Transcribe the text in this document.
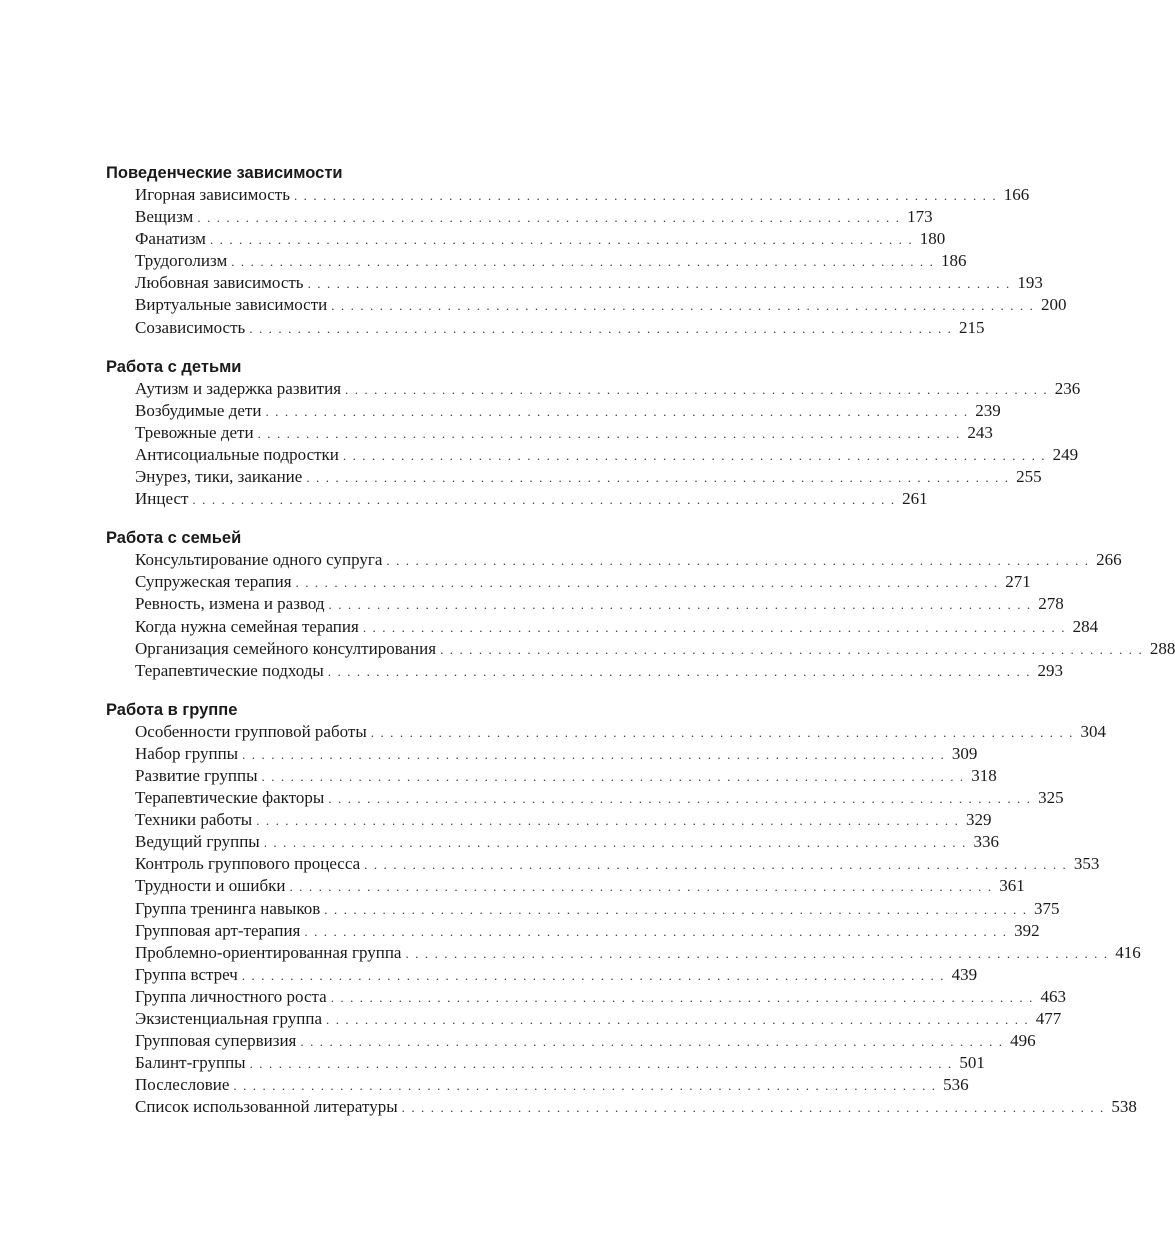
Поведенческие зависимости
Игорная зависимость . . . . . . . . . . . . . . . . . . . . . . . . . . . . . . . . . . . . . . . . . . . . . . . . . . . . . . . . . . . . . . . . . . . . . . . . . 166
Вещизм . . . . . . . . . . . . . . . . . . . . . . . . . . . . . . . . . . . . . . . . . . . . . . . . . . . . . . . . . . . . . . . . . . . . . . . . . 173
Фанатизм . . . . . . . . . . . . . . . . . . . . . . . . . . . . . . . . . . . . . . . . . . . . . . . . . . . . . . . . . . . . . . . . . . . . . . . . . 180
Трудоголизм . . . . . . . . . . . . . . . . . . . . . . . . . . . . . . . . . . . . . . . . . . . . . . . . . . . . . . . . . . . . . . . . . . . . . . . . . 186
Любовная зависимость . . . . . . . . . . . . . . . . . . . . . . . . . . . . . . . . . . . . . . . . . . . . . . . . . . . . . . . . . . . . . . . . . . . . . . . . . 193
Виртуальные зависимости . . . . . . . . . . . . . . . . . . . . . . . . . . . . . . . . . . . . . . . . . . . . . . . . . . . . . . . . . . . . . . . . . . . . . . . . . 200
Созависимость . . . . . . . . . . . . . . . . . . . . . . . . . . . . . . . . . . . . . . . . . . . . . . . . . . . . . . . . . . . . . . . . . . . . . . . . . 215
Работа с детьми
Аутизм и задержка развития . . . . . . . . . . . . . . . . . . . . . . . . . . . . . . . . . . . . . . . . . . . . . . . . . . . . . . . . . . . . . . . . . . . . . . . . . 236
Возбудимые дети . . . . . . . . . . . . . . . . . . . . . . . . . . . . . . . . . . . . . . . . . . . . . . . . . . . . . . . . . . . . . . . . . . . . . . . . . 239
Тревожные дети . . . . . . . . . . . . . . . . . . . . . . . . . . . . . . . . . . . . . . . . . . . . . . . . . . . . . . . . . . . . . . . . . . . . . . . . . 243
Антисоциальные подростки . . . . . . . . . . . . . . . . . . . . . . . . . . . . . . . . . . . . . . . . . . . . . . . . . . . . . . . . . . . . . . . . . . . . . . . . . 249
Энурез, тики, заикание . . . . . . . . . . . . . . . . . . . . . . . . . . . . . . . . . . . . . . . . . . . . . . . . . . . . . . . . . . . . . . . . . . . . . . . . . 255
Инцест . . . . . . . . . . . . . . . . . . . . . . . . . . . . . . . . . . . . . . . . . . . . . . . . . . . . . . . . . . . . . . . . . . . . . . . . . 261
Работа с семьей
Консультирование одного супруга . . . . . . . . . . . . . . . . . . . . . . . . . . . . . . . . . . . . . . . . . . . . . . . . . . . . . . . . . . . . . . . . . . . . . . . . . 266
Супружеская терапия . . . . . . . . . . . . . . . . . . . . . . . . . . . . . . . . . . . . . . . . . . . . . . . . . . . . . . . . . . . . . . . . . . . . . . . . . 271
Ревность, измена и развод . . . . . . . . . . . . . . . . . . . . . . . . . . . . . . . . . . . . . . . . . . . . . . . . . . . . . . . . . . . . . . . . . . . . . . . . . 278
Когда нужна семейная терапия . . . . . . . . . . . . . . . . . . . . . . . . . . . . . . . . . . . . . . . . . . . . . . . . . . . . . . . . . . . . . . . . . . . . . . . . . 284
Организация семейного консултирования . . . . . . . . . . . . . . . . . . . . . . . . . . . . . . . . . . . . . . . . . . . . . . . . . . . . . . . . . . . . . . . . . . . . . . . . . 288
Терапевтические подходы . . . . . . . . . . . . . . . . . . . . . . . . . . . . . . . . . . . . . . . . . . . . . . . . . . . . . . . . . . . . . . . . . . . . . . . . . 293
Работа в группе
Особенности групповой работы . . . . . . . . . . . . . . . . . . . . . . . . . . . . . . . . . . . . . . . . . . . . . . . . . . . . . . . . . . . . . . . . . . . . . . . . . 304
Набор группы . . . . . . . . . . . . . . . . . . . . . . . . . . . . . . . . . . . . . . . . . . . . . . . . . . . . . . . . . . . . . . . . . . . . . . . . . 309
Развитие группы . . . . . . . . . . . . . . . . . . . . . . . . . . . . . . . . . . . . . . . . . . . . . . . . . . . . . . . . . . . . . . . . . . . . . . . . . 318
Терапевтические факторы . . . . . . . . . . . . . . . . . . . . . . . . . . . . . . . . . . . . . . . . . . . . . . . . . . . . . . . . . . . . . . . . . . . . . . . . . 325
Техники работы . . . . . . . . . . . . . . . . . . . . . . . . . . . . . . . . . . . . . . . . . . . . . . . . . . . . . . . . . . . . . . . . . . . . . . . . . 329
Ведущий группы . . . . . . . . . . . . . . . . . . . . . . . . . . . . . . . . . . . . . . . . . . . . . . . . . . . . . . . . . . . . . . . . . . . . . . . . . 336
Контроль группового процесса . . . . . . . . . . . . . . . . . . . . . . . . . . . . . . . . . . . . . . . . . . . . . . . . . . . . . . . . . . . . . . . . . . . . . . . . . 353
Трудности и ошибки . . . . . . . . . . . . . . . . . . . . . . . . . . . . . . . . . . . . . . . . . . . . . . . . . . . . . . . . . . . . . . . . . . . . . . . . . 361
Группа тренинга навыков . . . . . . . . . . . . . . . . . . . . . . . . . . . . . . . . . . . . . . . . . . . . . . . . . . . . . . . . . . . . . . . . . . . . . . . . . 375
Групповая арт-терапия . . . . . . . . . . . . . . . . . . . . . . . . . . . . . . . . . . . . . . . . . . . . . . . . . . . . . . . . . . . . . . . . . . . . . . . . . 392
Проблемно-ориентированная группа . . . . . . . . . . . . . . . . . . . . . . . . . . . . . . . . . . . . . . . . . . . . . . . . . . . . . . . . . . . . . . . . . . . . . . . . . 416
Группа встреч . . . . . . . . . . . . . . . . . . . . . . . . . . . . . . . . . . . . . . . . . . . . . . . . . . . . . . . . . . . . . . . . . . . . . . . . . 439
Группа личностного роста . . . . . . . . . . . . . . . . . . . . . . . . . . . . . . . . . . . . . . . . . . . . . . . . . . . . . . . . . . . . . . . . . . . . . . . . . 463
Экзистенциальная группа . . . . . . . . . . . . . . . . . . . . . . . . . . . . . . . . . . . . . . . . . . . . . . . . . . . . . . . . . . . . . . . . . . . . . . . . . 477
Групповая супервизия . . . . . . . . . . . . . . . . . . . . . . . . . . . . . . . . . . . . . . . . . . . . . . . . . . . . . . . . . . . . . . . . . . . . . . . . . 496
Балинт-группы . . . . . . . . . . . . . . . . . . . . . . . . . . . . . . . . . . . . . . . . . . . . . . . . . . . . . . . . . . . . . . . . . . . . . . . . . 501
Послесловие . . . . . . . . . . . . . . . . . . . . . . . . . . . . . . . . . . . . . . . . . . . . . . . . . . . . . . . . . . . . . . . . . . . . . . . . . 536
Список использованной литературы . . . . . . . . . . . . . . . . . . . . . . . . . . . . . . . . . . . . . . . . . . . . . . . . . . . . . . . . . . . . . . . . . . . . . . . . . 538
